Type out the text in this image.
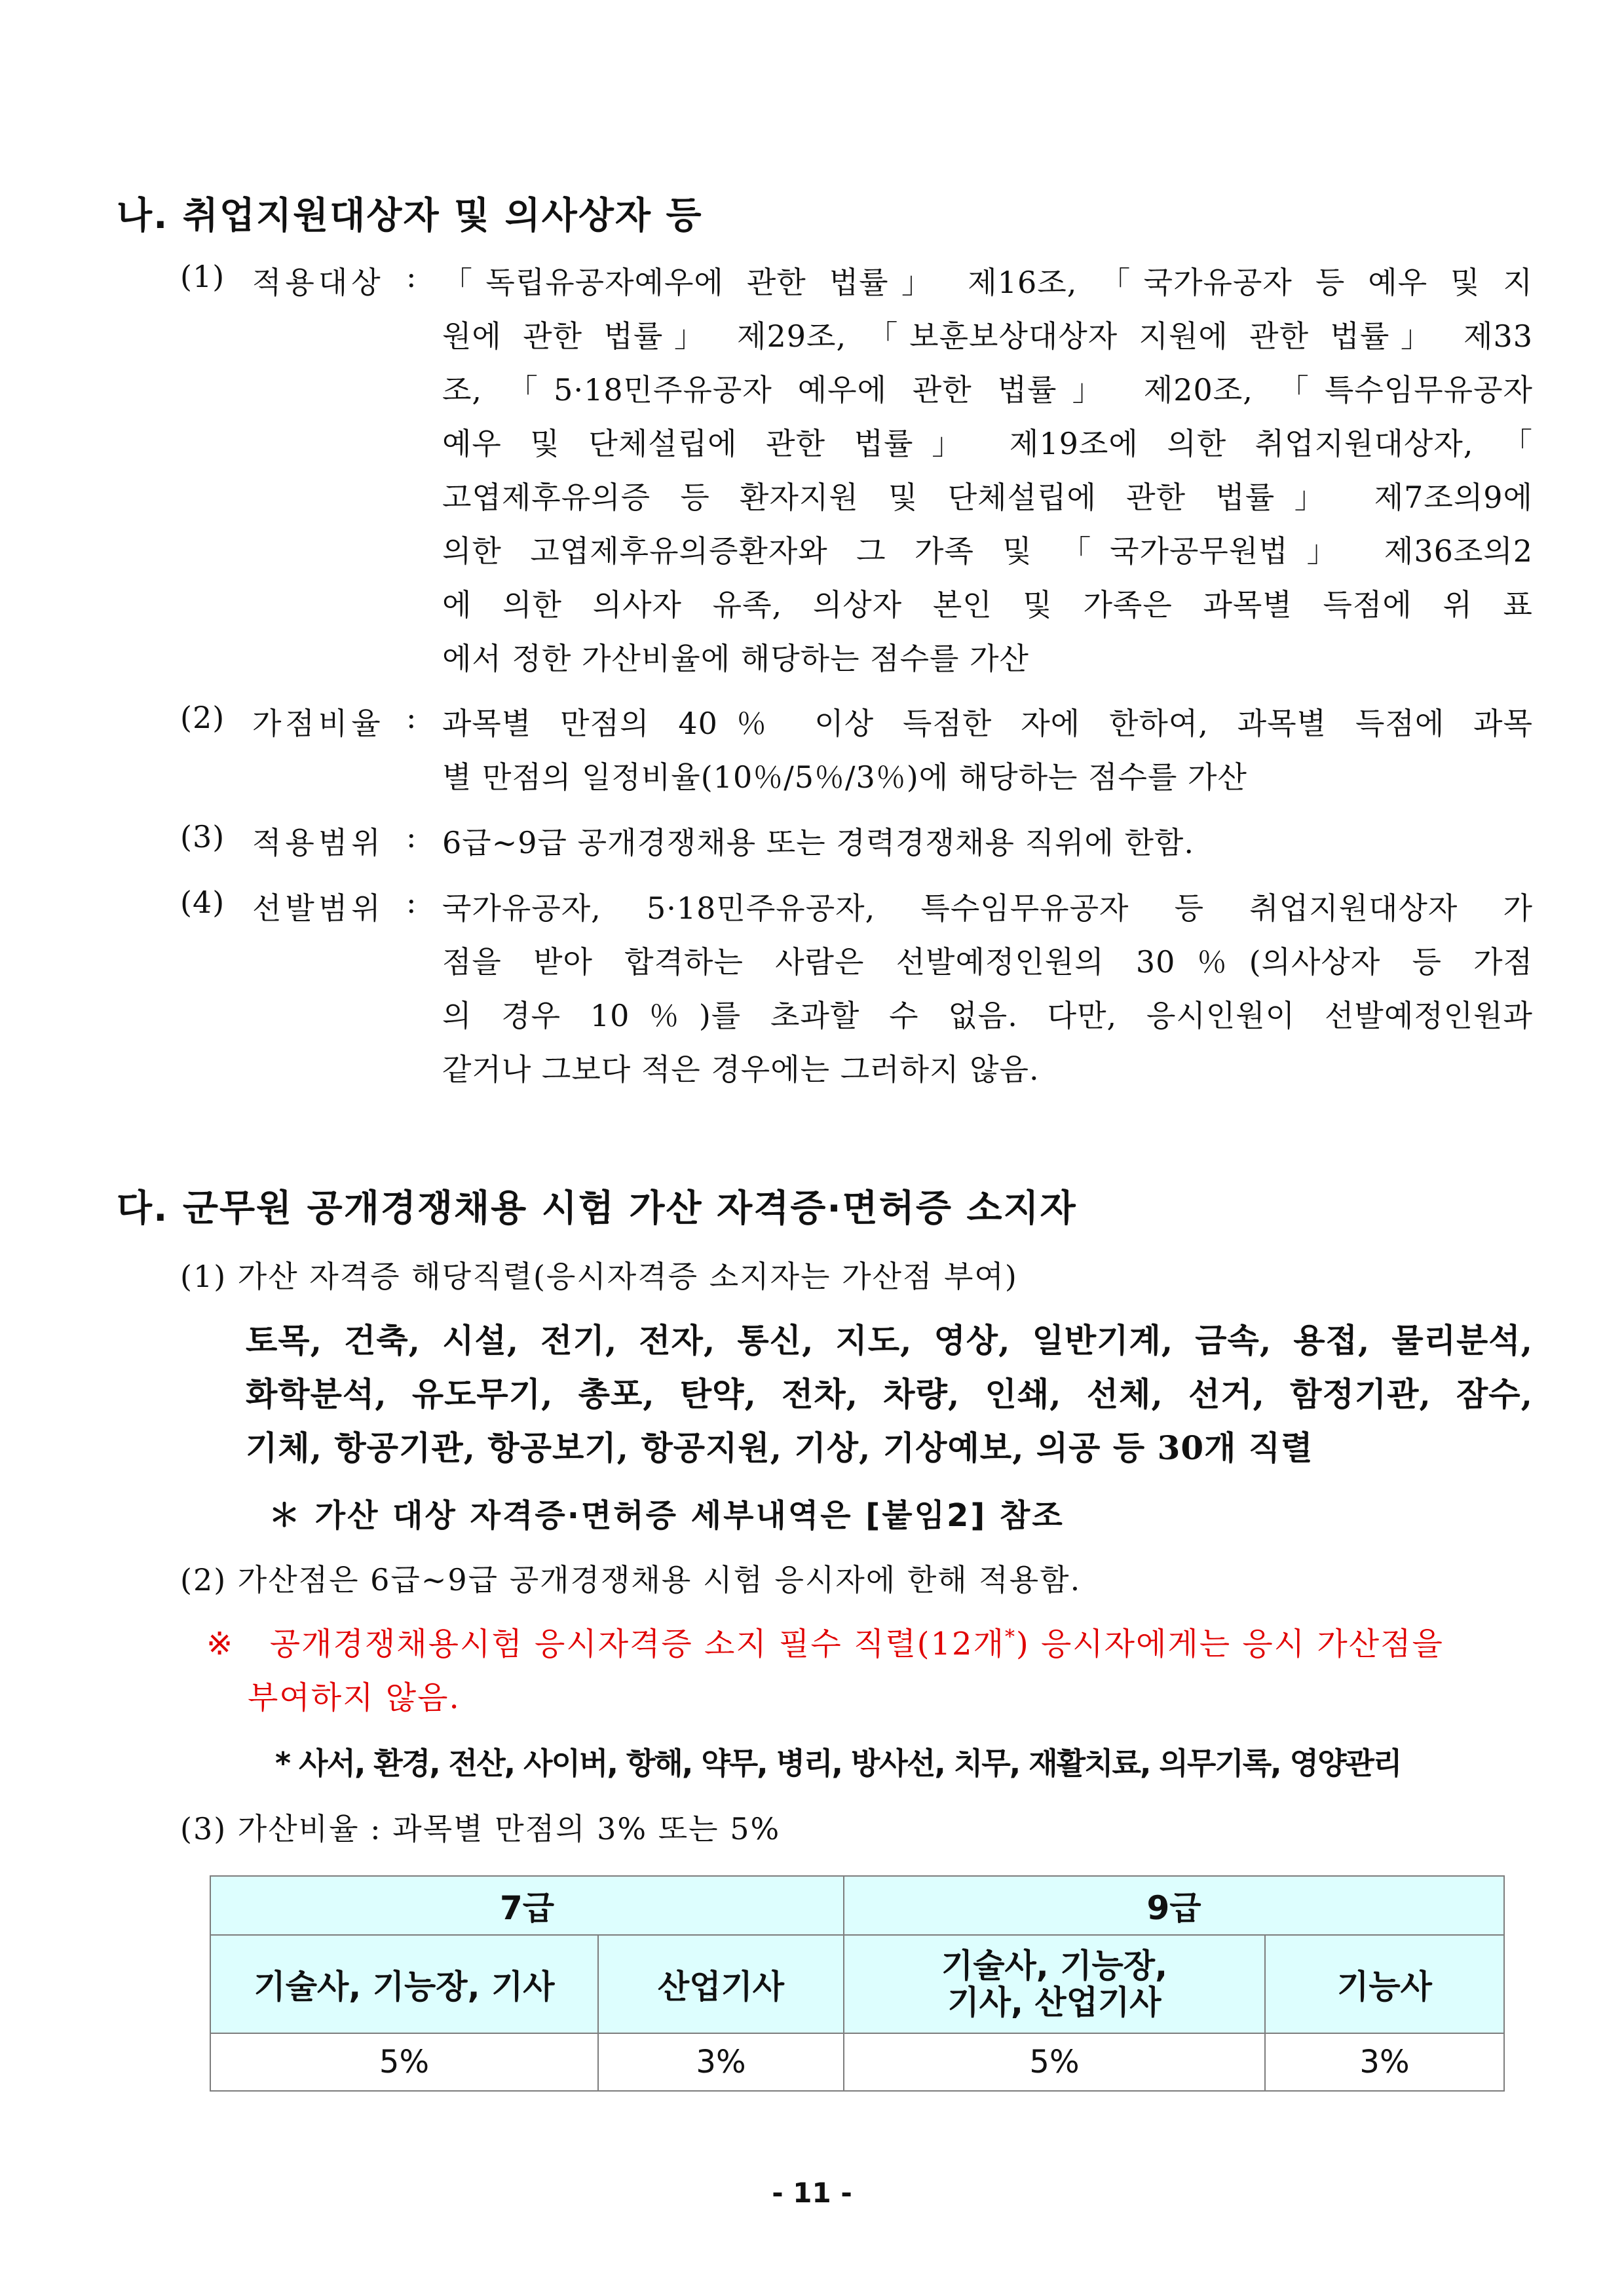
나. 취업지원대상자 및 의사상자 등
(1) 적용대상 : 「독립유공자예우에 관한 법률」 제16조, 「국가유공자 등 예우 및 지
원에 관한 법률」 제29조, 「보훈보상대상자 지원에 관한 법률」 제33
조, 「5·18민주유공자 예우에 관한 법률」 제20조, 「특수임무유공자
예우 및 단체설립에 관한 법률」 제19조에 의한 취업지원대상자, 「
고엽제후유의증 등 환자지원 및 단체설립에 관한 법률」 제7조의9에
의한 고엽제후유의증환자와 그 가족 및 「국가공무원법」 제36조의2
에 의한 의사자 유족, 의상자 본인 및 가족은 과목별 득점에 위 표
에서 정한 가산비율에 해당하는 점수를 가산
(2) 가점비율 : 과목별 만점의 40％ 이상 득점한 자에 한하여, 과목별 득점에 과목
별 만점의 일정비율(10％/5％/3％)에 해당하는 점수를 가산
(3) 적용범위 : 6급∼9급 공개경쟁채용 또는 경력경쟁채용 직위에 한함.
(4) 선발범위 : 국가유공자, 5·18민주유공자, 특수임무유공자 등 취업지원대상자 가
점을 받아 합격하는 사람은 선발예정인원의 30％(의사상자 등 가점
의 경우 10％)를 초과할 수 없음. 다만, 응시인원이 선발예정인원과
같거나 그보다 적은 경우에는 그러하지 않음.
다. 군무원 공개경쟁채용 시험 가산 자격증·면허증 소지자
(1) 가산 자격증 해당직렬(응시자격증 소지자는 가산점 부여)
토목, 건축, 시설, 전기, 전자, 통신, 지도, 영상, 일반기계, 금속, 용접, 물리분석,
화학분석, 유도무기, 총포, 탄약, 전차, 차량, 인쇄, 선체, 선거, 함정기관, 잠수,
기체, 항공기관, 항공보기, 항공지원, 기상, 기상예보, 의공 등 30개 직렬
＊ 가산 대상 자격증·면허증 세부내역은 [붙임2] 참조
(2) 가산점은 6급∼9급 공개경쟁채용 시험 응시자에 한해 적용함.
※ 공개경쟁채용시험 응시자격증 소지 필수 직렬(12개*) 응시자에게는 응시 가산점을
부여하지 않음.
* 사서, 환경, 전산, 사이버, 항해, 약무, 병리, 방사선, 치무, 재활치료, 의무기록, 영양관리
(3) 가산비율 : 과목별 만점의 3% 또는 5%
7급		9급	
기술사, 기능장, 기사	산업기사	기술사, 기능장,
기사, 산업기사	기능사
5%	3%	5%	3%
- 11 -
